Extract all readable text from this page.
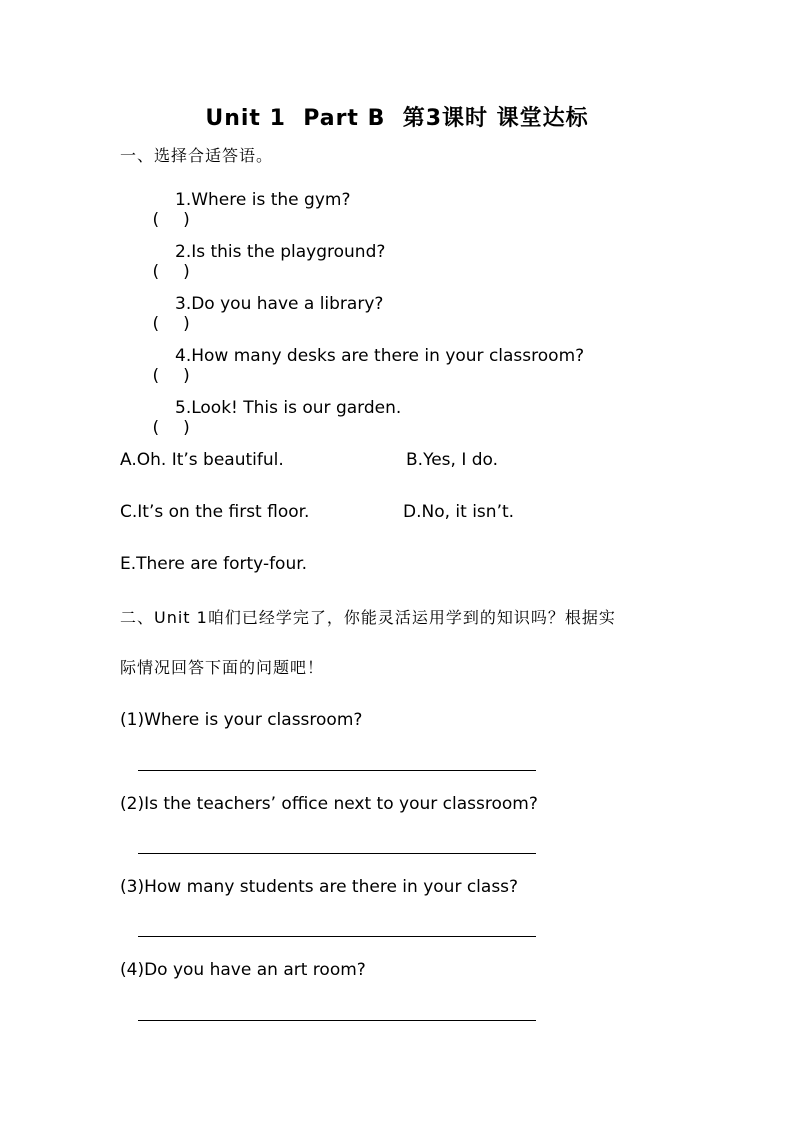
Unit 1  Part B  第3课时 课堂达标

一、选择合适答语。

( )

1.Where is the gym?

( )

2.Is this the playground?

( )

3.Do you have a library?

( )

4.How many desks are there in your classroom?

( )

5.Look! This is our garden.

A.Oh. It’s beautiful.

	B.Yes, I do.

C.It’s on the first floor.

	D.No, it isn’t.

E.There are forty-four.

二、Unit 1咱们已经学完了，你能灵活运用学到的知识吗？根据实

际情况回答下面的问题吧！

(1)Where is your classroom?

(2)Is the teachers’ office next to your classroom?

(3)How many students are there in your class?

(4)Do you have an art room?
